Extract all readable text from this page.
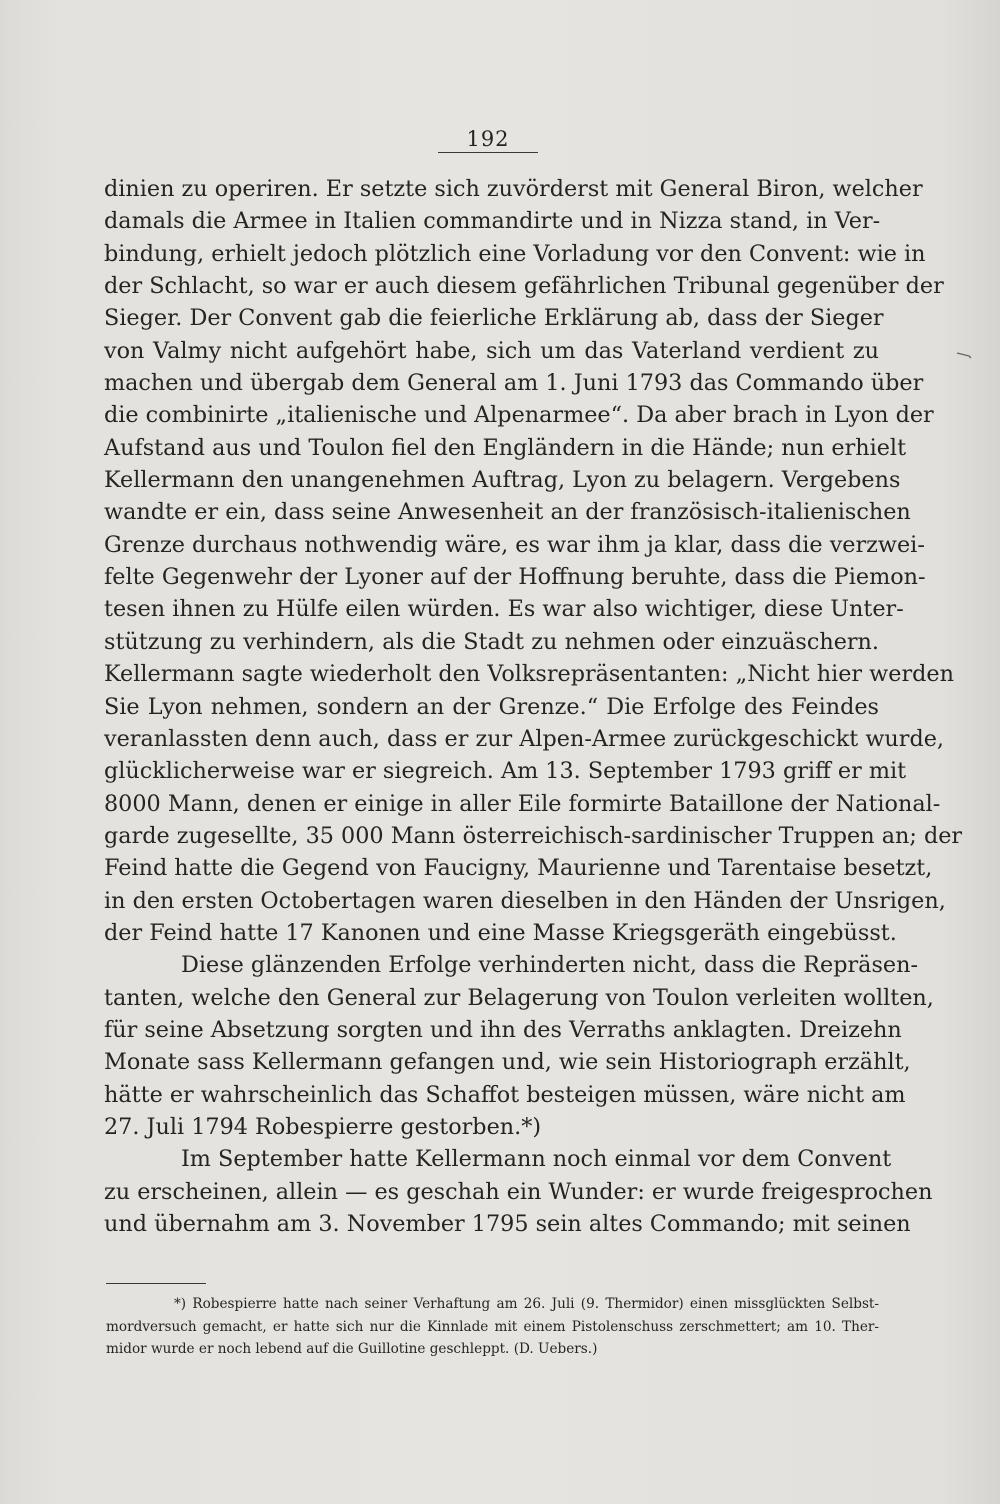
192
dinien zu operiren. Er setzte sich zuvörderst mit General Biron, welcher
damals die Armee in Italien commandirte und in Nizza stand, in Ver-
bindung, erhielt jedoch plötzlich eine Vorladung vor den Convent: wie in
der Schlacht, so war er auch diesem gefährlichen Tribunal gegenüber der
Sieger. Der Convent gab die feierliche Erklärung ab, dass der Sieger
von Valmy nicht aufgehört habe, sich um das Vaterland verdient zu
machen und übergab dem General am 1. Juni 1793 das Commando über
die combinirte „italienische und Alpenarmee“. Da aber brach in Lyon der
Aufstand aus und Toulon fiel den Engländern in die Hände; nun erhielt
Kellermann den unangenehmen Auftrag, Lyon zu belagern. Vergebens
wandte er ein, dass seine Anwesenheit an der französisch-italienischen
Grenze durchaus nothwendig wäre, es war ihm ja klar, dass die verzwei-
felte Gegenwehr der Lyoner auf der Hoffnung beruhte, dass die Piemon-
tesen ihnen zu Hülfe eilen würden. Es war also wichtiger, diese Unter-
stützung zu verhindern, als die Stadt zu nehmen oder einzuäschern.
Kellermann sagte wiederholt den Volksrepräsentanten: „Nicht hier werden
Sie Lyon nehmen, sondern an der Grenze.“ Die Erfolge des Feindes
veranlassten denn auch, dass er zur Alpen-Armee zurückgeschickt wurde,
glücklicherweise war er siegreich. Am 13. September 1793 griff er mit
8000 Mann, denen er einige in aller Eile formirte Bataillone der National-
garde zugesellte, 35 000 Mann österreichisch-sardinischer Truppen an; der
Feind hatte die Gegend von Faucigny, Maurienne und Tarentaise besetzt,
in den ersten Octobertagen waren dieselben in den Händen der Unsrigen,
der Feind hatte 17 Kanonen und eine Masse Kriegsgeräth eingebüsst.
Diese glänzenden Erfolge verhinderten nicht, dass die Repräsen-
tanten, welche den General zur Belagerung von Toulon verleiten wollten,
für seine Absetzung sorgten und ihn des Verraths anklagten. Dreizehn
Monate sass Kellermann gefangen und, wie sein Historiograph erzählt,
hätte er wahrscheinlich das Schaffot besteigen müssen, wäre nicht am
27. Juli 1794 Robespierre gestorben.*)
Im September hatte Kellermann noch einmal vor dem Convent
zu erscheinen, allein — es geschah ein Wunder: er wurde freigesprochen
und übernahm am 3. November 1795 sein altes Commando; mit seinen
*) Robespierre hatte nach seiner Verhaftung am 26. Juli (9. Thermidor) einen missglückten Selbst-
mordversuch gemacht, er hatte sich nur die Kinnlade mit einem Pistolenschuss zerschmettert; am 10. Ther-
midor wurde er noch lebend auf die Guillotine geschleppt. (D. Uebers.)
